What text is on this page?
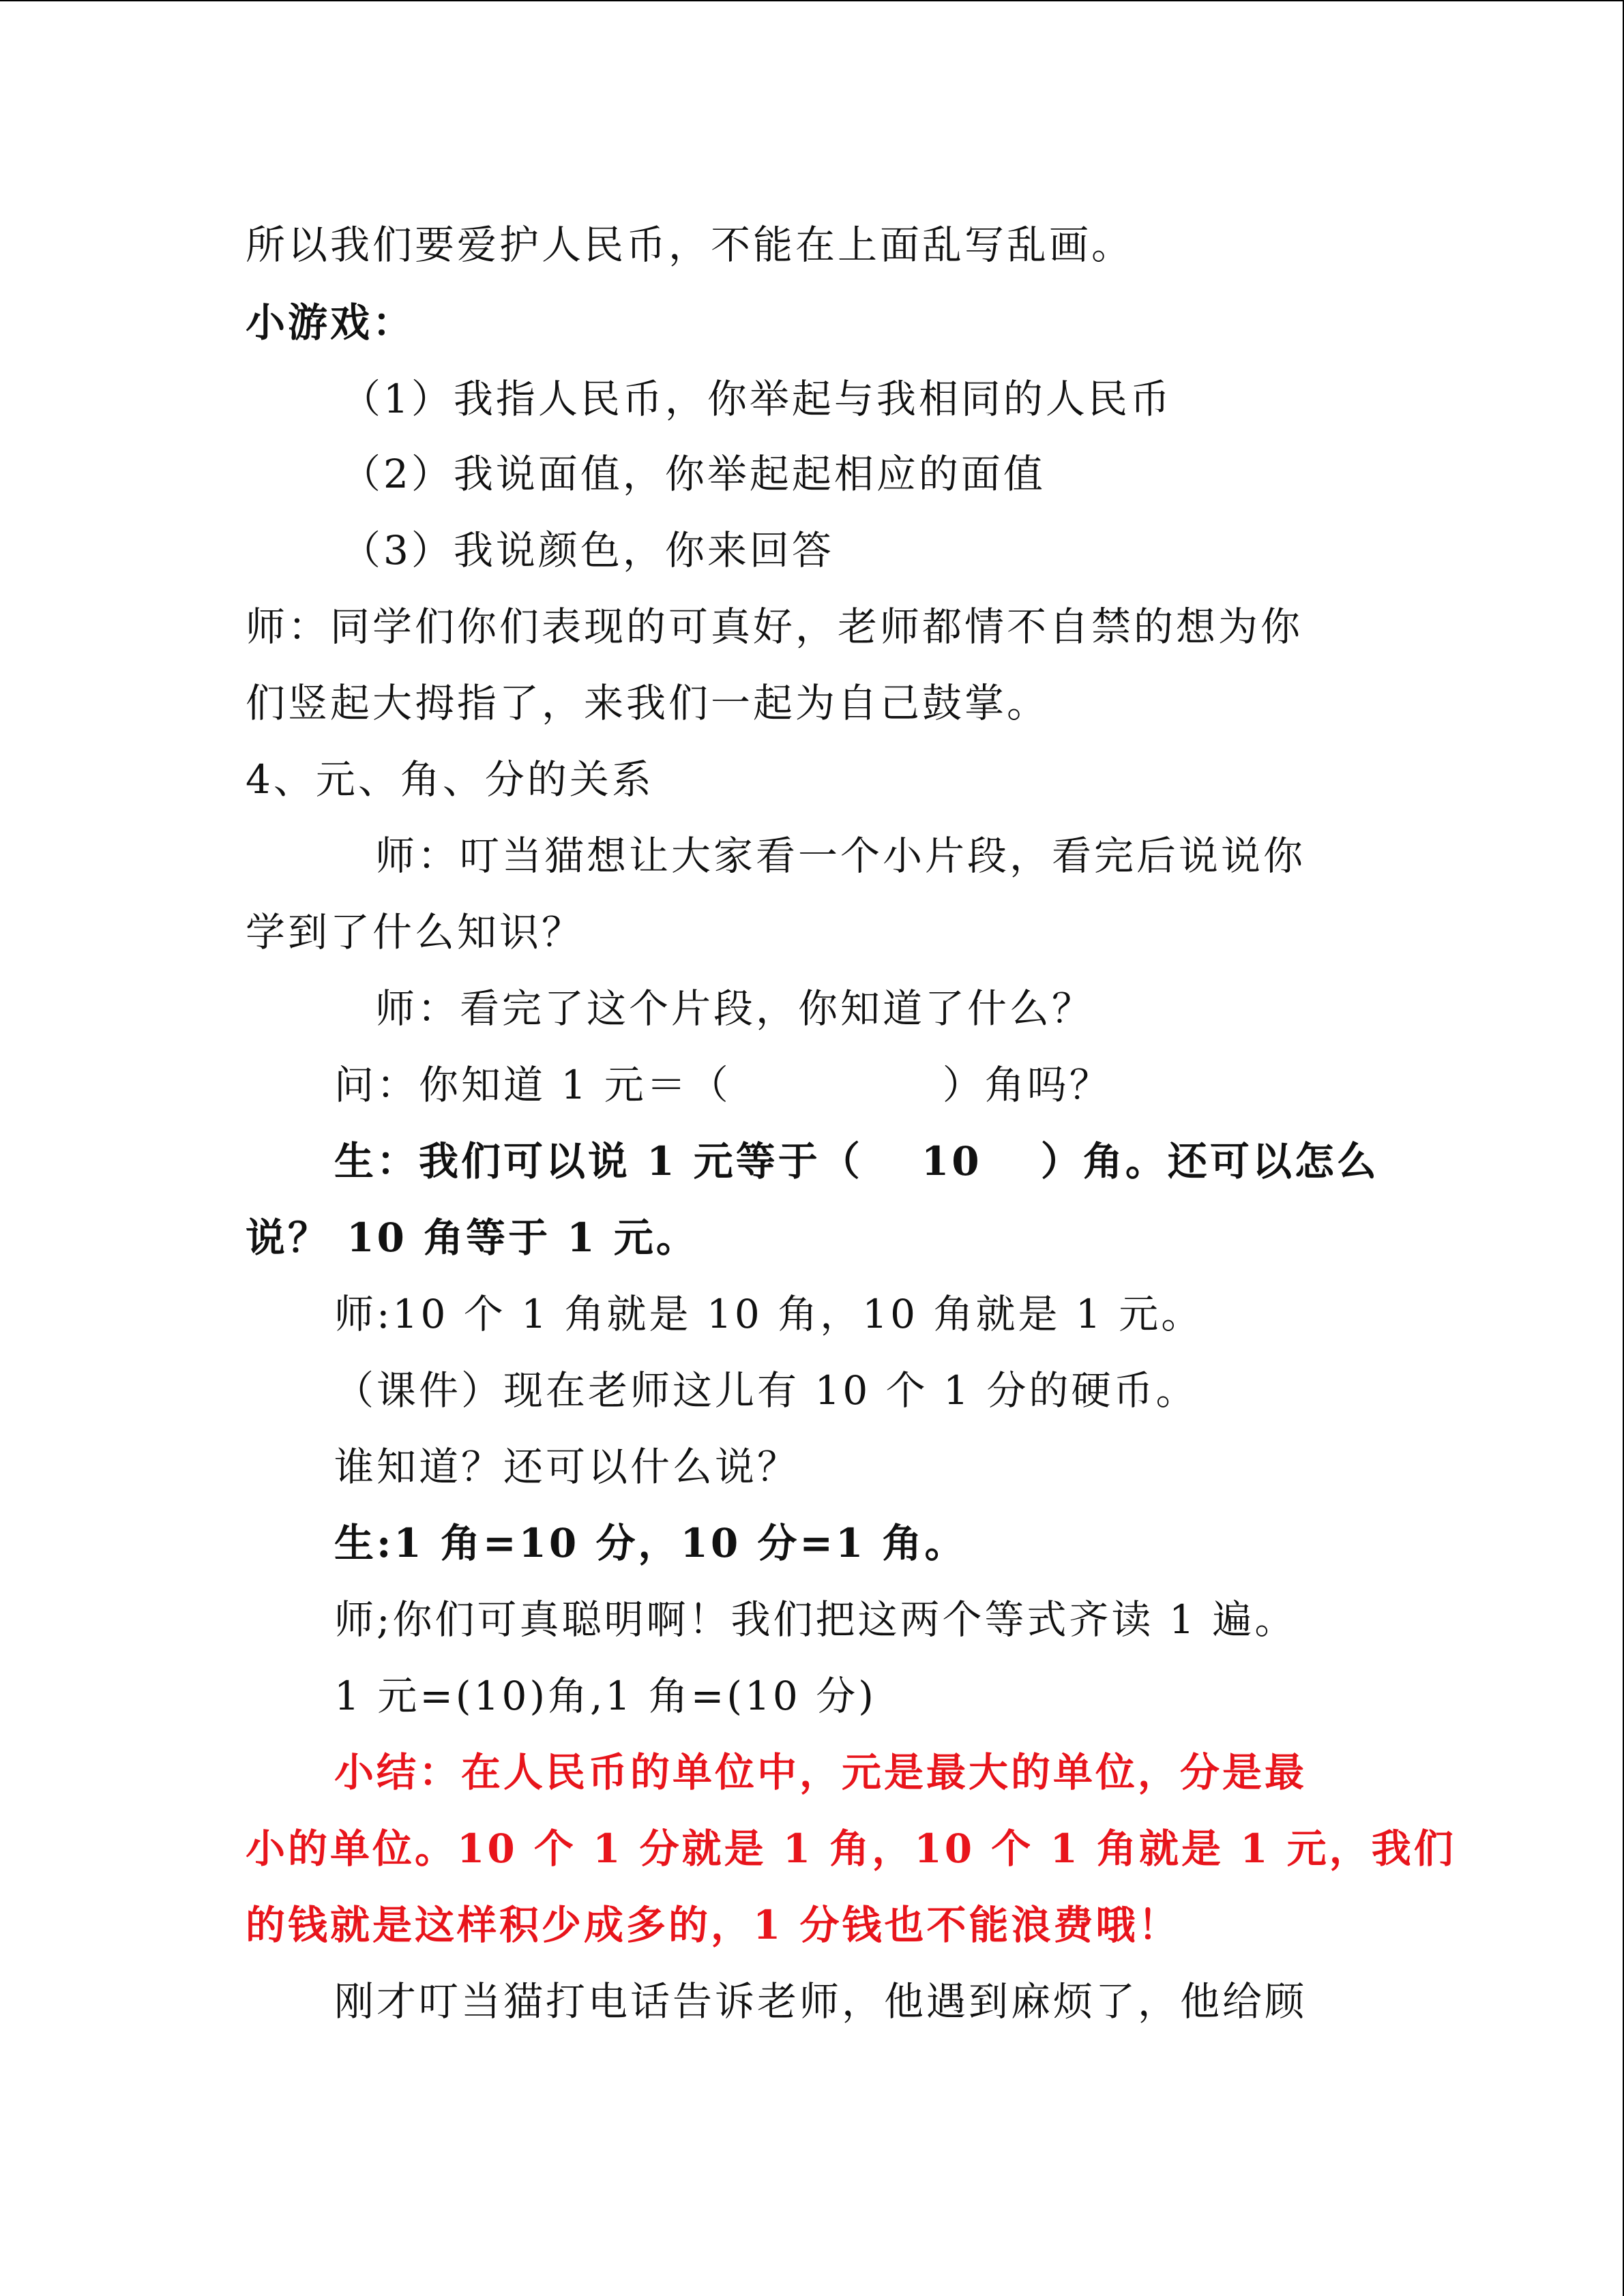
所以我们要爱护人民币，不能在上面乱写乱画。
小游戏：
（1）我指人民币，你举起与我相同的人民币
（2）我说面值，你举起起相应的面值
（3）我说颜色，你来回答
师：同学们你们表现的可真好，老师都情不自禁的想为你
们竖起大拇指了，来我们一起为自己鼓掌。
4、元、角、分的关系
师：叮当猫想让大家看一个小片段，看完后说说你
学到了什么知识？
师：看完了这个片段，你知道了什么？
问：你知道 1 元＝（　　　　　）角吗？
生：我们可以说 1 元等于（　 10　 ）角。还可以怎么
说？ 10 角等于 1 元。
师:10 个 1 角就是 10 角，10 角就是 1 元。
（课件）现在老师这儿有 10 个 1 分的硬币。
谁知道？还可以什么说？
生:1 角=10 分，10 分=1 角。
师;你们可真聪明啊！我们把这两个等式齐读 1 遍。
1 元=(10)角,1 角=(10 分)
小结：在人民币的单位中，元是最大的单位，分是最
小的单位。10 个 1 分就是 1 角，10 个 1 角就是 1 元，我们
的钱就是这样积少成多的，1 分钱也不能浪费哦！
刚才叮当猫打电话告诉老师，他遇到麻烦了，他给顾
